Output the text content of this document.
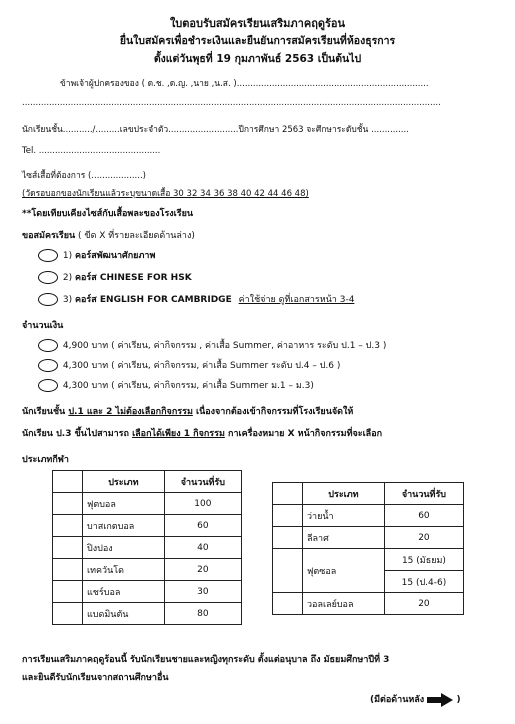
ใบตอบรับสมัครเรียนเสริมภาคฤดูร้อน
ยื่นใบสมัครเพื่อชำระเงินและยืนยันการสมัครเรียนที่ห้องธุรการ
ตั้งแต่วันพุธที่ 19 กุมภาพันธ์ 2563 เป็นต้นไป
ข้าพเจ้าผู้ปกครองของ ( ด.ช. ,ด.ญ. ,นาย ,น.ส. ).......................................................................
...........................................................................................................................................................
นักเรียนชั้น.........../.........เลขประจำตัว..........................ปีการศึกษา 2563 จะศึกษาระดับชั้น ..............
Tel. .............................................
ไซส์เสื้อที่ต้องการ (...................)
(วัดรอบอกของนักเรียนแล้วระบุขนาดเสื้อ 30 32 34 36 38 40 42 44 46 48)
**โดยเทียบเคียงไซส์กับเสื้อพละของโรงเรียน
ขอสมัครเรียน ( ขีด X ที่รายละเอียดด้านล่าง)
1) คอร์สพัฒนาศักยภาพ
2) คอร์ส CHINESE FOR HSK
3) คอร์ส ENGLISH FOR CAMBRIDGE ค่าใช้จ่าย ดูที่เอกสารหน้า 3-4
จำนวนเงิน
4,900 บาท ( ค่าเรียน, ค่ากิจกรรม , ค่าเสื้อ Summer, ค่าอาหาร ระดับ ป.1 – ป.3 )
4,300 บาท ( ค่าเรียน, ค่ากิจกรรม, ค่าเสื้อ Summer ระดับ ป.4 – ป.6 )
4,300 บาท ( ค่าเรียน, ค่ากิจกรรม, ค่าเสื้อ Summer ม.1 – ม.3)
นักเรียนชั้น ป.1 และ 2 ไม่ต้องเลือกกิจกรรม เนื่องจากต้องเข้ากิจกรรมที่โรงเรียนจัดให้
นักเรียน ป.3 ขึ้นไปสามารถ เลือกได้เพียง 1 กิจกรรม กาเครื่องหมาย X หน้ากิจกรรมที่จะเลือก
ประเภทกีฬา
	ประเภท	จำนวนที่รับ
	ฟุตบอล	100
	บาสเกตบอล	60
	ปิงปอง	40
	เทควันโด	20
	แชร์บอล	30
	แบดมินตัน	80
	ประเภท	จำนวนที่รับ
	ว่ายน้ำ	60
	ลีลาศ	20
	ฟุตซอล	15 (มัธยม)
		15 (ป.4-6)
	วอลเลย์บอล	20
การเรียนเสริมภาคฤดูร้อนนี้ รับนักเรียนชายและหญิงทุกระดับ ตั้งแต่อนุบาล ถึง มัธยมศึกษาปีที่ 3
และยินดีรับนักเรียนจากสถานศึกษาอื่น
(มีต่อด้านหลัง	)
